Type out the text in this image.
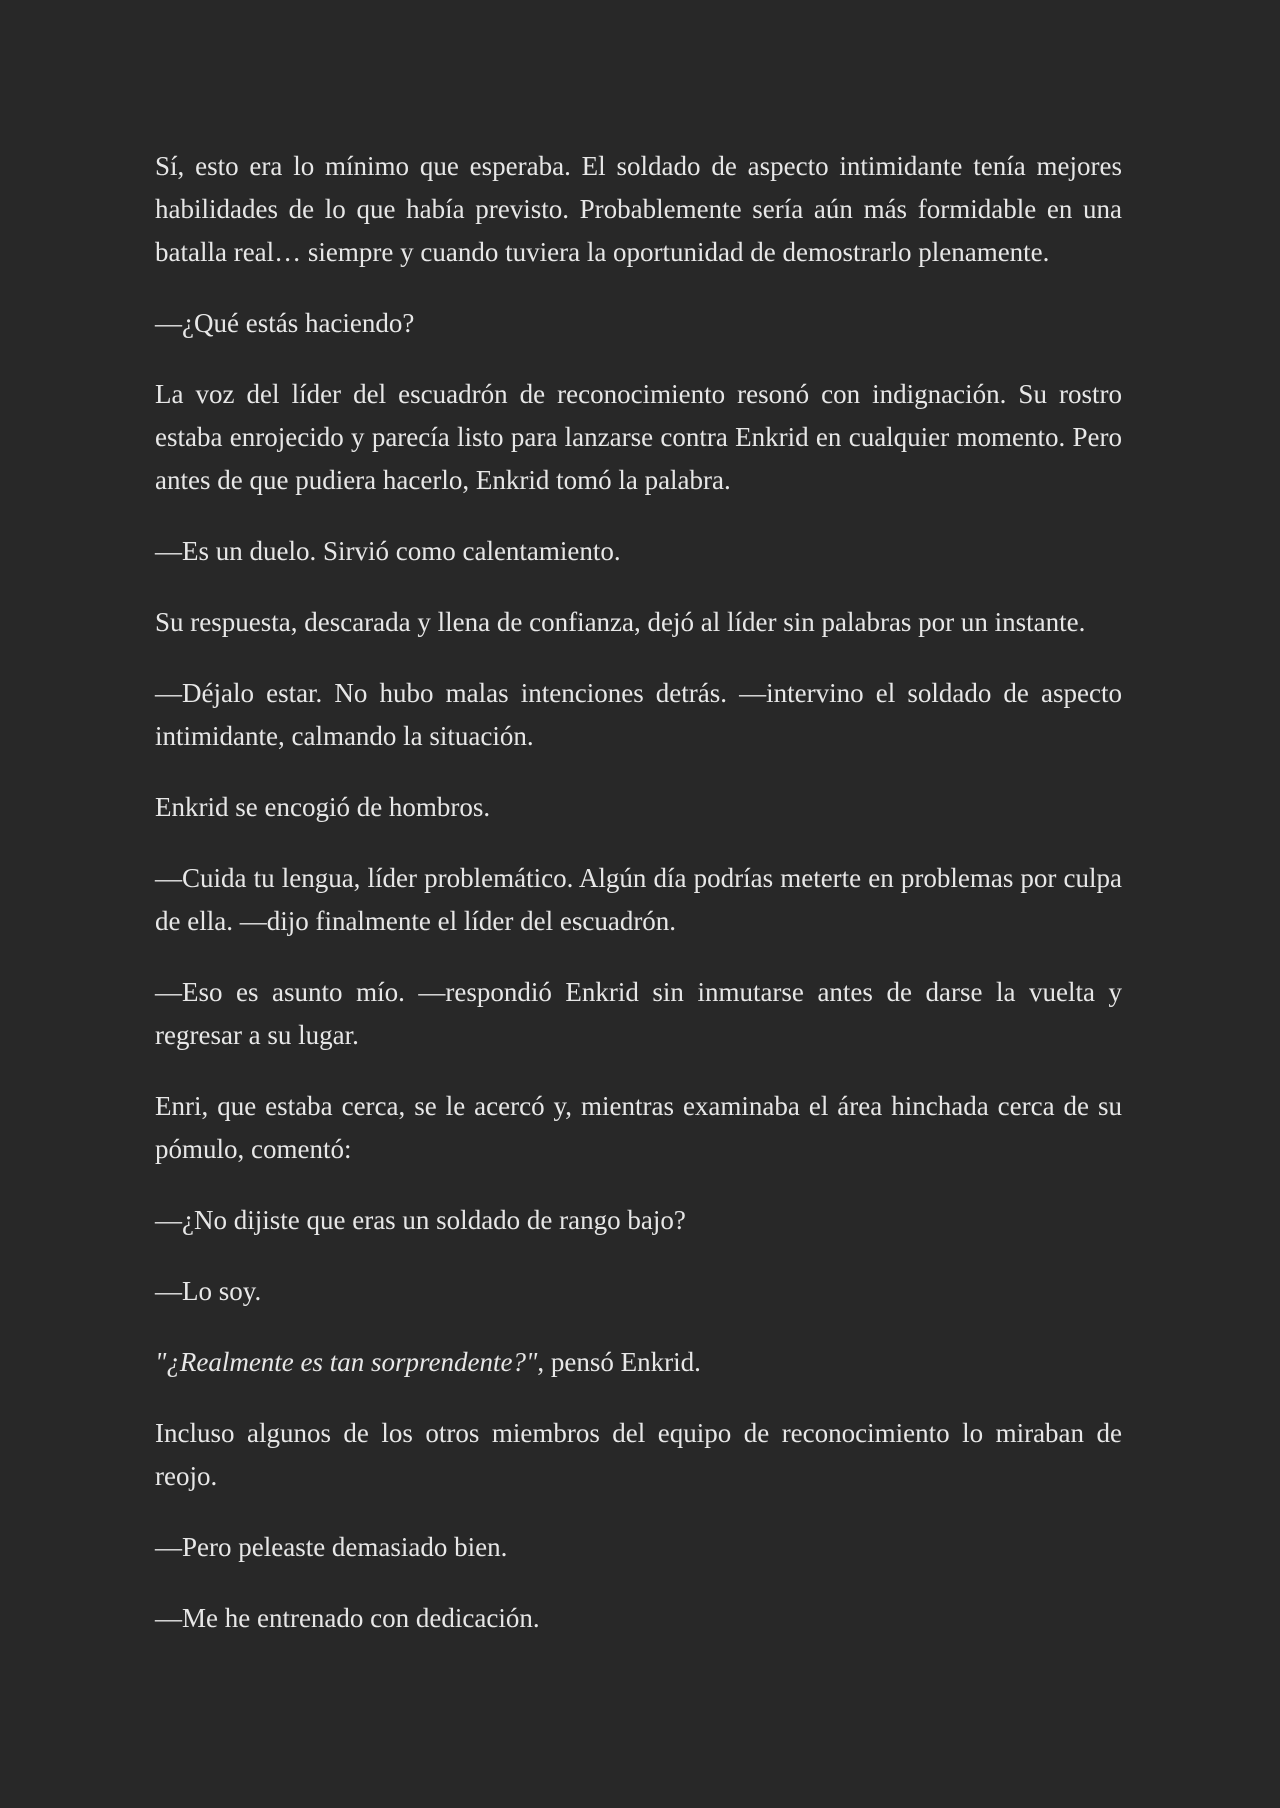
Sí, esto era lo mínimo que esperaba. El soldado de aspecto intimidante tenía mejores habilidades de lo que había previsto. Probablemente sería aún más formidable en una batalla real… siempre y cuando tuviera la oportunidad de demostrarlo plenamente.

—¿Qué estás haciendo?

La voz del líder del escuadrón de reconocimiento resonó con indignación. Su rostro estaba enrojecido y parecía listo para lanzarse contra Enkrid en cualquier momento. Pero antes de que pudiera hacerlo, Enkrid tomó la palabra.

—Es un duelo. Sirvió como calentamiento.

Su respuesta, descarada y llena de confianza, dejó al líder sin palabras por un instante.

—Déjalo estar. No hubo malas intenciones detrás. —intervino el soldado de aspecto intimidante, calmando la situación.

Enkrid se encogió de hombros.

—Cuida tu lengua, líder problemático. Algún día podrías meterte en problemas por culpa de ella. —dijo finalmente el líder del escuadrón.

—Eso es asunto mío. —respondió Enkrid sin inmutarse antes de darse la vuelta y regresar a su lugar.

Enri, que estaba cerca, se le acercó y, mientras examinaba el área hinchada cerca de su pómulo, comentó:

—¿No dijiste que eras un soldado de rango bajo?

—Lo soy.

"¿Realmente es tan sorprendente?", pensó Enkrid.

Incluso algunos de los otros miembros del equipo de reconocimiento lo miraban de reojo.

—Pero peleaste demasiado bien.

—Me he entrenado con dedicación.
